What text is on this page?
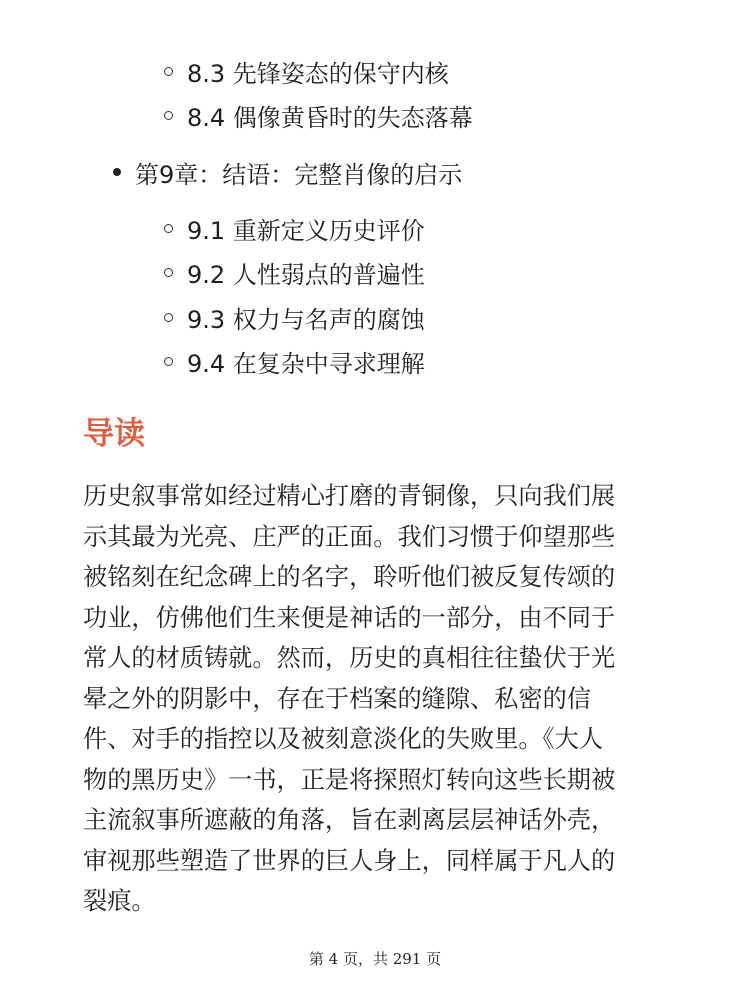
8.3 先锋姿态的保守内核
8.4 偶像黄昏时的失态落幕
第9章：结语：完整肖像的启示
9.1 重新定义历史评价
9.2 人性弱点的普遍性
9.3 权力与名声的腐蚀
9.4 在复杂中寻求理解
导读

历史叙事常如经过精心打磨的青铜像，只向我们展
示其最为光亮、庄严的正面。我们习惯于仰望那些
被铭刻在纪念碑上的名字，聆听他们被反复传颂的
功业，仿佛他们生来便是神话的一部分，由不同于
常人的材质铸就。然而，历史的真相往往蛰伏于光
晕之外的阴影中，存在于档案的缝隙、私密的信
件、对手的指控以及被刻意淡化的失败里。《大人
物的黑历史》一书，正是将探照灯转向这些长期被
主流叙事所遮蔽的角落，旨在剥离层层神话外壳，
审视那些塑造了世界的巨人身上，同样属于凡人的
裂痕。

第 4 页，共 291 页
